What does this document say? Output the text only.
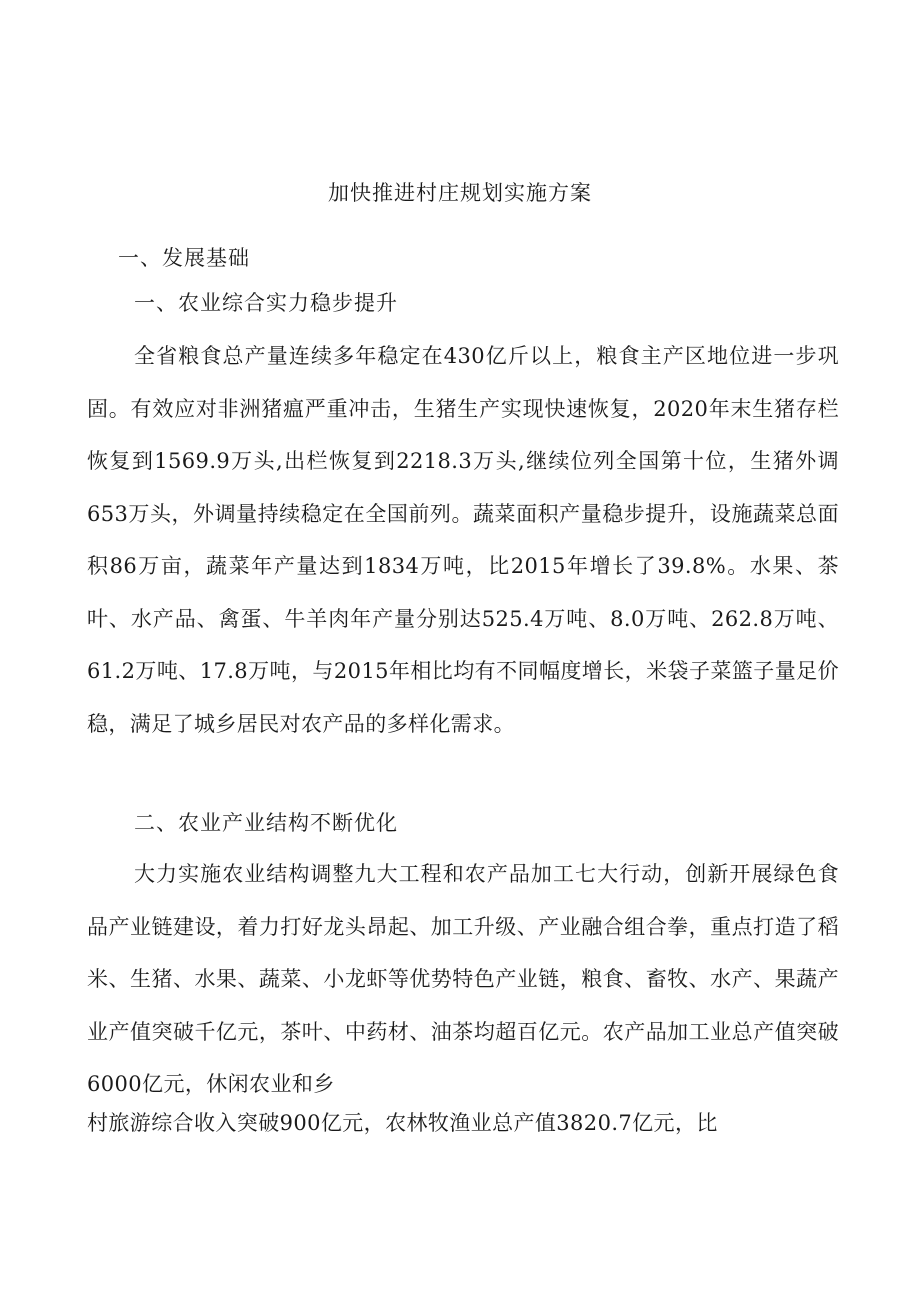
加快推进村庄规划实施方案
一、发展基础
一、农业综合实力稳步提升

全省粮食总产量连续多年稳定在430亿斤以上，粮食主产区地位进一步巩固。有效应对非洲猪瘟严重冲击，生猪生产实现快速恢复，2020年末生猪存栏恢复到1569.9万头,出栏恢复到2218.3万头,继续位列全国第十位，生猪外调653万头，外调量持续稳定在全国前列。蔬菜面积产量稳步提升，设施蔬菜总面积86万亩，蔬菜年产量达到1834万吨，比2015年增长了39.8%。水果、茶叶、水产品、禽蛋、牛羊肉年产量分别达525.4万吨、8.0万吨、262.8万吨、61.2万吨、17.8万吨，与2015年相比均有不同幅度增长，米袋子菜篮子量足价稳，满足了城乡居民对农产品的多样化需求。

二、农业产业结构不断优化

大力实施农业结构调整九大工程和农产品加工七大行动，创新开展绿色食品产业链建设，着力打好龙头昂起、加工升级、产业融合组合拳，重点打造了稻米、生猪、水果、蔬菜、小龙虾等优势特色产业链，粮食、畜牧、水产、果蔬产业产值突破千亿元，茶叶、中药材、油茶均超百亿元。农产品加工业总产值突破6000亿元，休闲农业和乡

村旅游综合收入突破900亿元，农林牧渔业总产值3820.7亿元，比
